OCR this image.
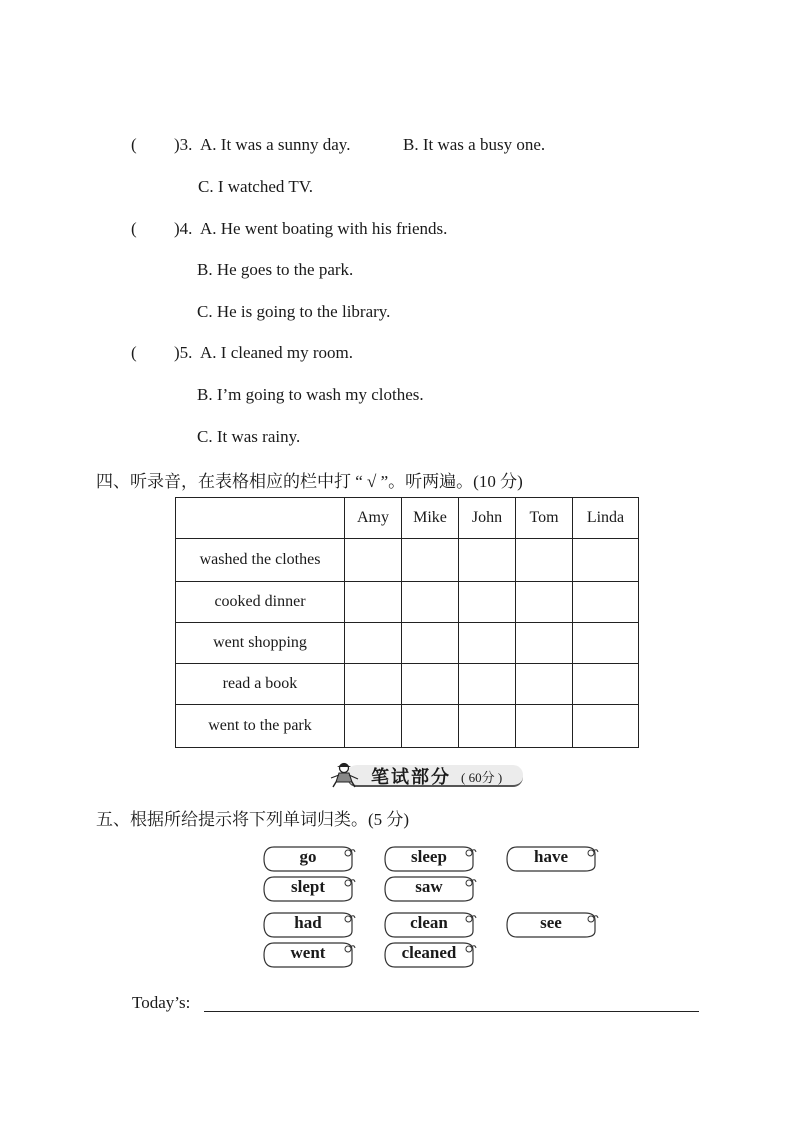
( )3. A. It was a sunny day.	B. It was a busy one.
C. I watched TV.
( )4. A. He went boating with his friends.
B. He goes to the park.
C. He is going to the library.
( )5. A. I cleaned my room.
B. I’m going to wash my clothes.
C. It was rainy.
四、听录音，在表格相应的栏中打 “ √ ”。听两遍。(10 分)
	Amy	Mike	John	Tom	Linda
washed the clothes					
cooked dinner					
went shopping					
read a book					
went to the park					
笔试部分 ( 60分 )
五、根据所给提示将下列单词归类。(5 分)
go	sleep	have
slept	saw
had	clean	see
went	cleaned
Today’s:
